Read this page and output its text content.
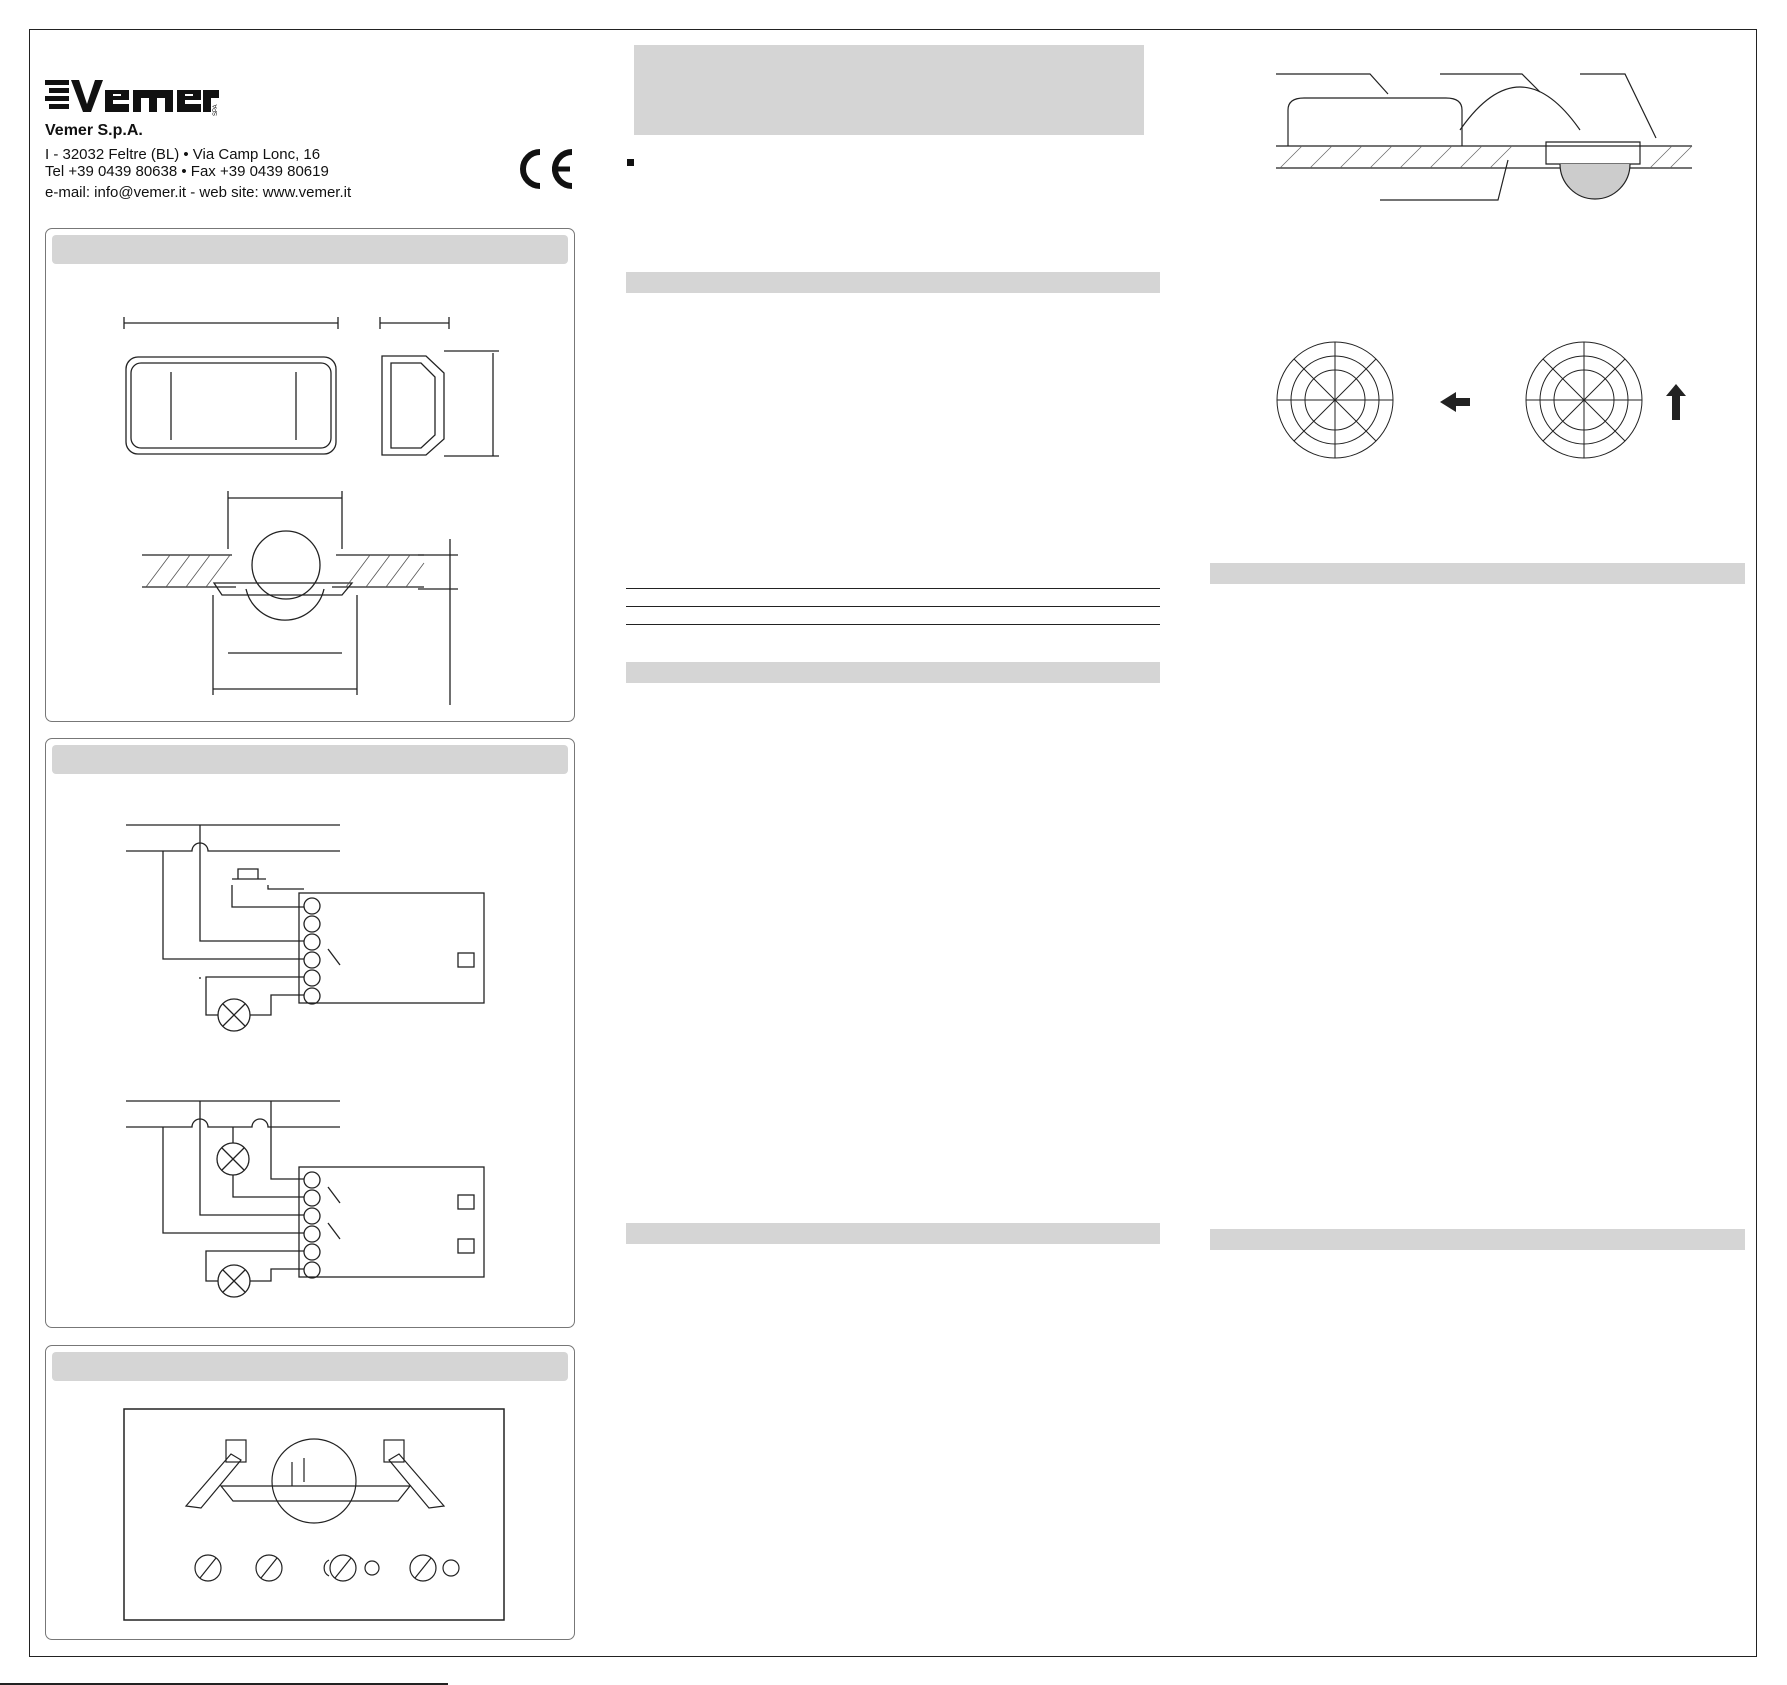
SPA
Vemer S.p.A.
I - 32032 Feltre (BL) • Via Camp Lonc, 16
Tel +39 0439 80638 • Fax +39 0439 80619
e-mail: info@vemer.it - web site: www.vemer.it
